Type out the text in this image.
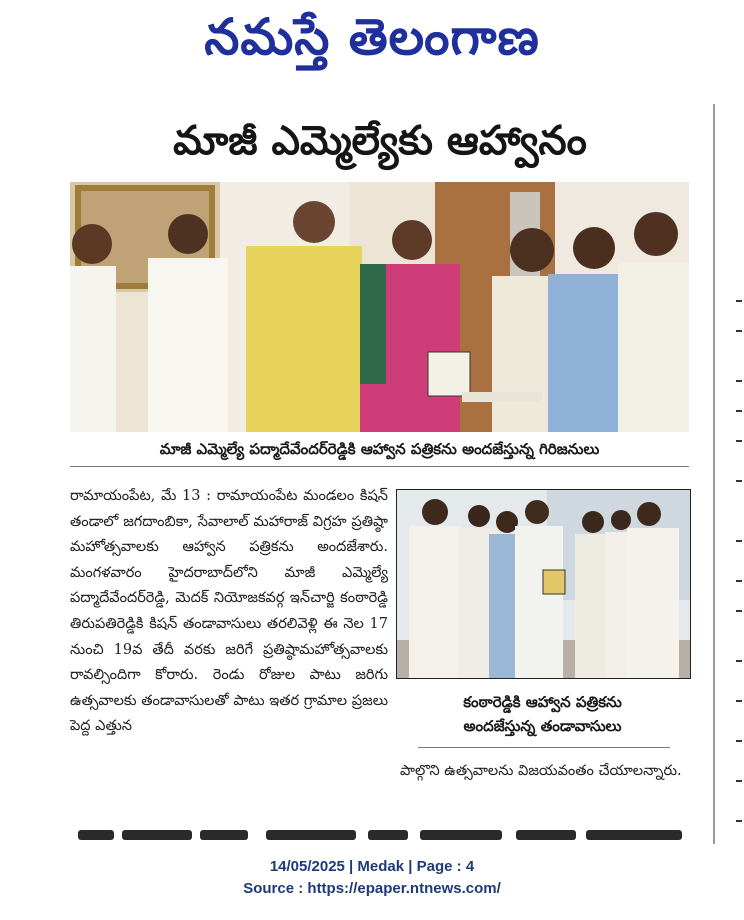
నమస్తే తెలంగాణ
మాజీ ఎమ్మెల్యేకు ఆహ్వానం
మాజీ ఎమ్మెల్యే పద్మాదేవేందర్‌రెడ్డికి ఆహ్వాన పత్రికను అందజేస్తున్న గిరిజనులు
రామాయంపేట, మే 13 : రామాయంపేట మండలం కిషన్ తండాలో జగదాంబికా, సేవాలాల్ మహారాజ్ విగ్రహ ప్రతిష్ఠా మహోత్సవాలకు ఆహ్వాన పత్రికను అందజేశారు. మంగళవారం హైదరాబాద్‌లోని మాజీ ఎమ్మెల్యే పద్మాదేవేందర్‌రెడ్డి, మెదక్ నియోజకవర్గ ఇన్‌చార్జి కంఠారెడ్డి తిరుపతిరెడ్డికి కిషన్ తండావాసులు తరలివెళ్లి ఈ నెల 17 నుంచి 19వ తేదీ వరకు జరిగే ప్రతిష్ఠామహోత్సవాలకు రావల్సిందిగా కోరారు. రెండు రోజుల పాటు జరిగు ఉత్సవాలకు తండావాసులతో పాటు ఇతర గ్రామాల ప్రజలు పెద్ద ఎత్తున
కంఠారెడ్డికి ఆహ్వాన పత్రికను
అందజేస్తున్న తండావాసులు
పాల్గొని ఉత్సవాలను విజయవంతం చేయాలన్నారు.
14/05/2025 | Medak | Page : 4
Source : https://epaper.ntnews.com/
